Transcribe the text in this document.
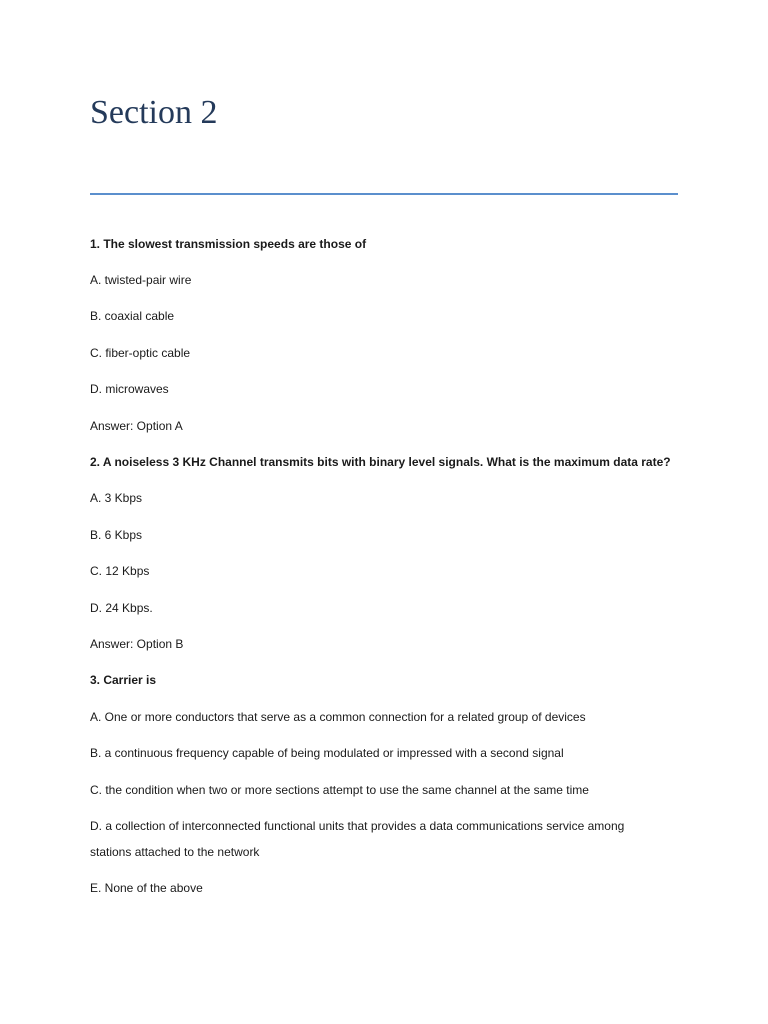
Section 2

1. The slowest transmission speeds are those of

A. twisted-pair wire

B. coaxial cable

C. fiber-optic cable

D. microwaves

Answer: Option A

2. A noiseless 3 KHz Channel transmits bits with binary level signals. What is the maximum data rate?

A. 3 Kbps

B. 6 Kbps

C. 12 Kbps

D. 24 Kbps.

Answer: Option B

3. Carrier is

A. One or more conductors that serve as a common connection for a related group of devices

B. a continuous frequency capable of being modulated or impressed with a second signal

C. the condition when two or more sections attempt to use the same channel at the same time

D. a collection of interconnected functional units that provides a data communications service among

stations attached to the network

E. None of the above
